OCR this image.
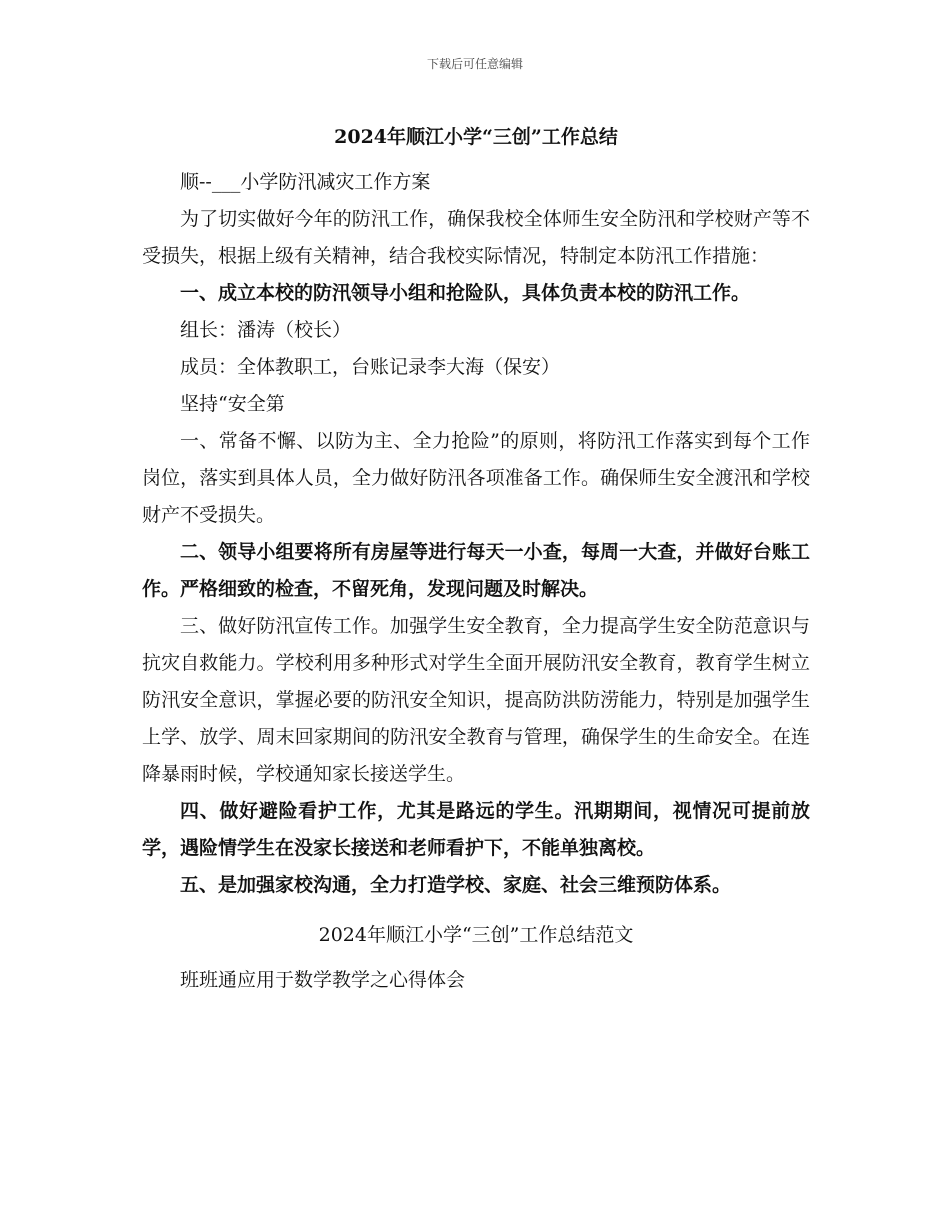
下载后可任意编辑
2024年顺江小学“三创”工作总结

顺--___小学防汛减灾工作方案

为了切实做好今年的防汛工作，确保我校全体师生安全防汛和学校财产等不受损失，根据上级有关精神，结合我校实际情况，特制定本防汛工作措施：

一、成立本校的防汛领导小组和抢险队，具体负责本校的防汛工作。

组长：潘涛（校长）

成员：全体教职工，台账记录李大海（保安）

坚持“安全第

一、常备不懈、以防为主、全力抢险”的原则，将防汛工作落实到每个工作岗位，落实到具体人员，全力做好防汛各项准备工作。确保师生安全渡汛和学校财产不受损失。

二、领导小组要将所有房屋等进行每天一小查，每周一大查，并做好台账工作。严格细致的检查，不留死角，发现问题及时解决。

三、做好防汛宣传工作。加强学生安全教育，全力提高学生安全防范意识与抗灾自救能力。学校利用多种形式对学生全面开展防汛安全教育，教育学生树立防汛安全意识，掌握必要的防汛安全知识，提高防洪防涝能力，特别是加强学生上学、放学、周末回家期间的防汛安全教育与管理，确保学生的生命安全。在连降暴雨时候，学校通知家长接送学生。

四、做好避险看护工作，尤其是路远的学生。汛期期间，视情况可提前放学，遇险情学生在没家长接送和老师看护下，不能单独离校。

五、是加强家校沟通，全力打造学校、家庭、社会三维预防体系。

2024年顺江小学“三创”工作总结范文

班班通应用于数学教学之心得体会
